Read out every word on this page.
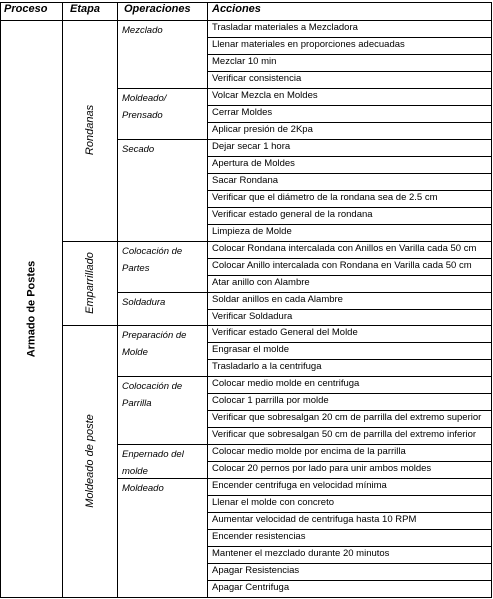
Proceso Etapa Operaciones Acciones
Trasladar materiales a Mezcladora
Llenar materiales en proporciones adecuadas
Mezclar 10 min
Verificar consistencia
Mezclado
Volcar Mezcla en Moldes
Cerrar Moldes
Aplicar presión de 2Kpa
Moldeado/
Prensado
Dejar secar 1 hora
Apertura de Moldes
Sacar Rondana
Verificar que el diámetro de la rondana sea de 2.5 cm
Verificar estado general de la rondana
Limpieza de Molde
Secado
Rondanas
Colocar Rondana intercalada con Anillos en Varilla cada 50 cm
Colocar Anillo intercalada con Rondana en Varilla cada 50 cm
Atar anillo con Alambre
Colocación de
Partes
Soldar anillos en cada Alambre
Verificar Soldadura
Soldadura
Emparrillado
Verificar estado General del Molde
Engrasar el molde
Trasladarlo a la centrifuga
Preparación de
Molde
Colocar medio molde en centrifuga
Colocar 1 parrilla por molde
Verificar que sobresalgan 20 cm de parrilla del extremo superior
Verificar que sobresalgan 50 cm de parrilla del extremo inferior
Colocación de
Parrilla
Colocar medio molde por encima de la parrilla
Colocar 20 pernos por lado para unir ambos moldes
Enpernado del
molde
Encender centrifuga en velocidad mínima
Llenar el molde con concreto
Aumentar velocidad de centrifuga hasta 10 RPM
Encender resistencias
Mantener el mezclado durante 20 minutos
Apagar Resistencias
Apagar Centrifuga
Moldeado
Moldeado de poste
Armado de Postes
